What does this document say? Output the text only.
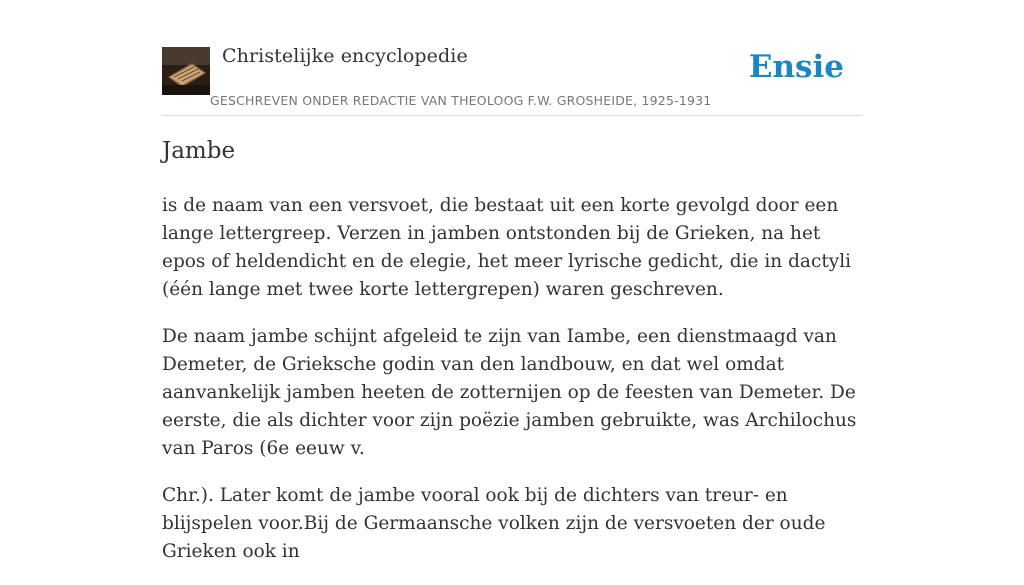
Christelijke encyclopedie
GESCHREVEN ONDER REDACTIE VAN THEOLOOG F.W. GROSHEIDE, 1925-1931
Ensie
Jambe

is de naam van een versvoet, die bestaat uit een korte gevolgd door een lange lettergreep. Verzen in jamben ontstonden bij de Grieken, na het epos of heldendicht en de elegie, het meer lyrische gedicht, die in dactyli (één lange met twee korte lettergrepen) waren geschreven.

De naam jambe schijnt afgeleid te zijn van Iambe, een dienstmaagd van Demeter, de Grieksche godin van den landbouw, en dat wel omdat aanvankelijk jamben heeten de zotternijen op de feesten van Demeter. De eerste, die als dichter voor zijn poëzie jamben gebruikte, was Archilochus van Paros (6e eeuw v.

Chr.). Later komt de jambe vooral ook bij de dichters van treur- en blijspelen voor.Bij de Germaansche volken zijn de versvoeten der oude Grieken ook in
